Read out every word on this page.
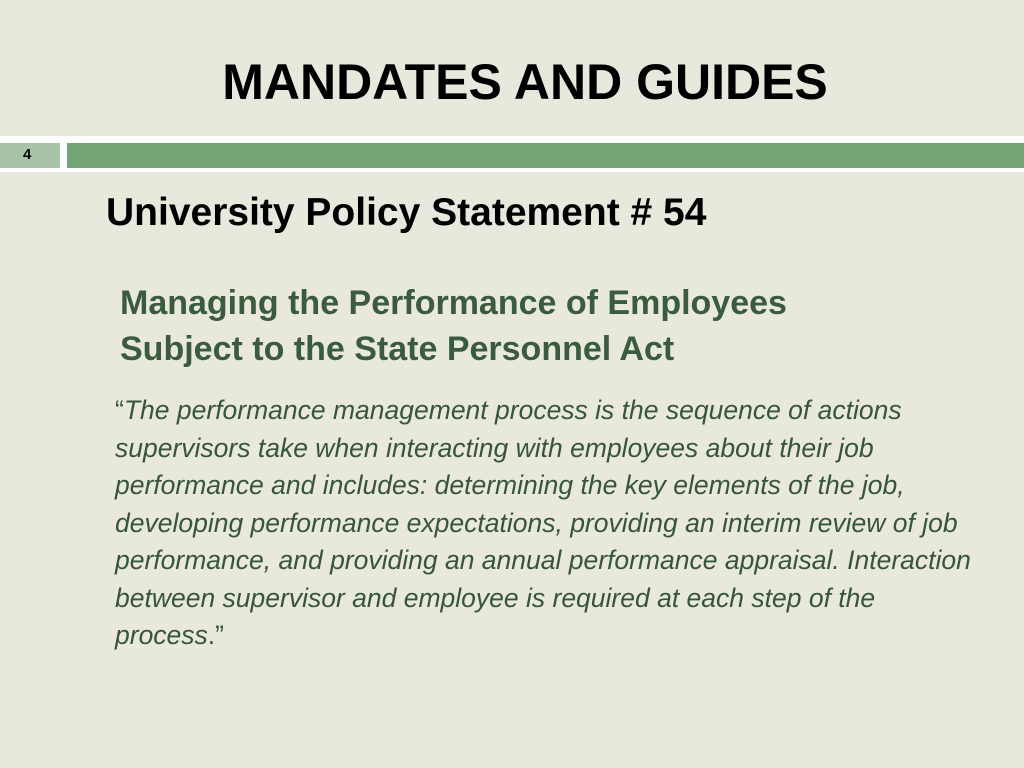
MANDATES AND GUIDES
4
University Policy Statement # 54
Managing the Performance of Employees
Subject to the State Personnel Act

“The performance management process is the sequence of actions supervisors take when interacting with employees about their job performance and includes: determining the key elements of the job, developing performance expectations, providing an interim review of job performance, and providing an annual performance appraisal. Interaction between supervisor and employee is required at each step of the process.”
